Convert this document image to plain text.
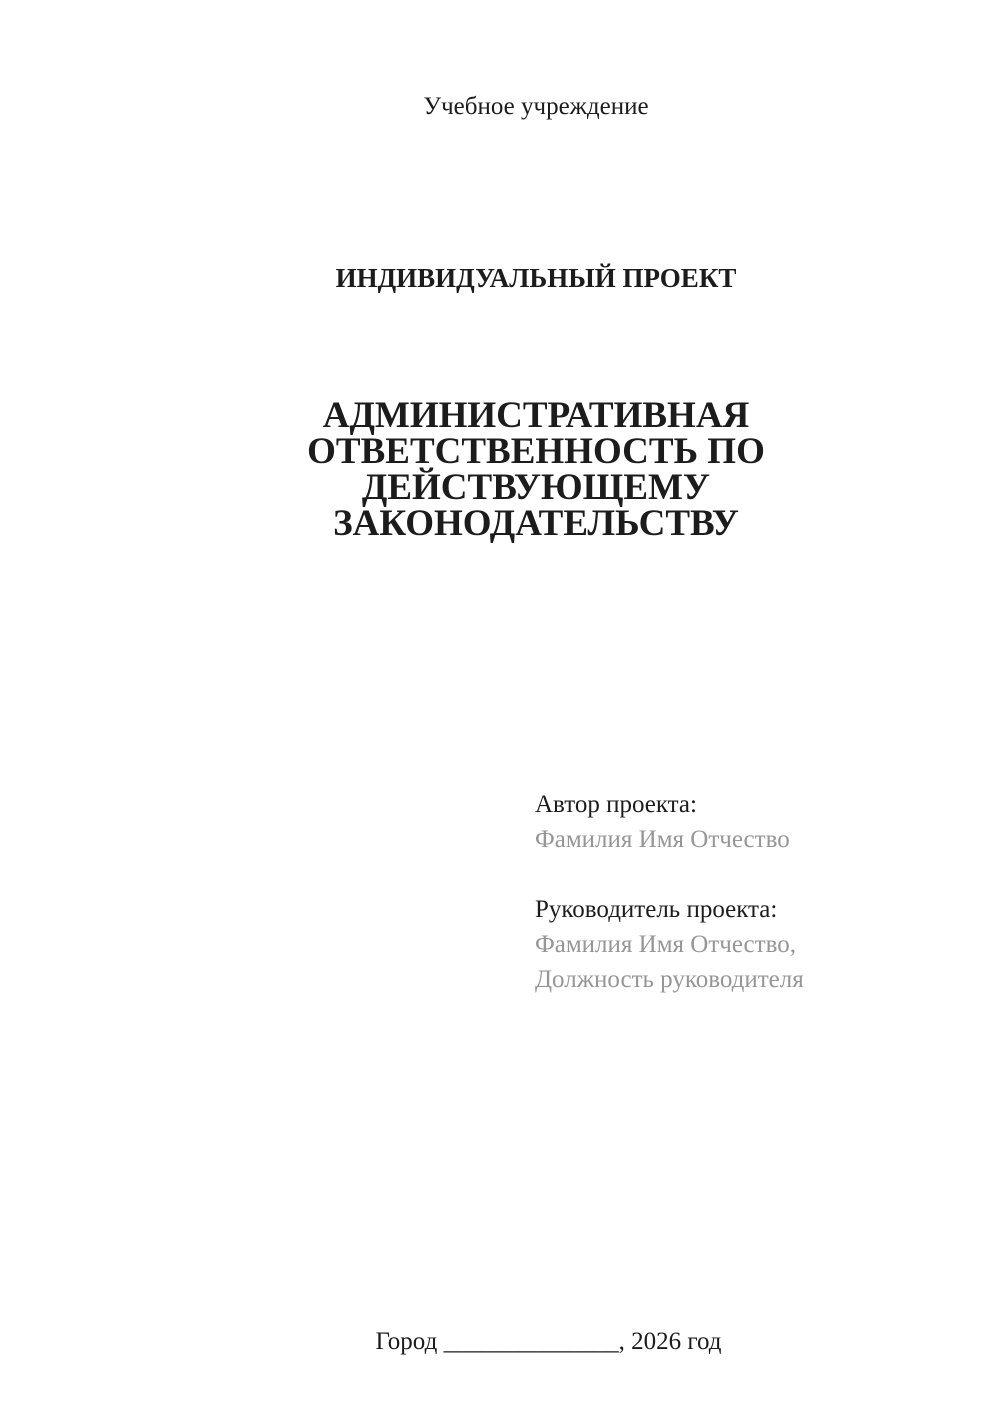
Учебное учреждение
ИНДИВИДУАЛЬНЫЙ ПРОЕКТ
АДМИНИСТРАТИВНАЯ
ОТВЕТСТВЕННОСТЬ ПО
ДЕЙСТВУЮЩЕМУ
ЗАКОНОДАТЕЛЬСТВУ

Автор проекта:

Фамилия Имя Отчество

Руководитель проекта:

Фамилия Имя Отчество,

Должность руководителя

Город ______________, 2026 год
